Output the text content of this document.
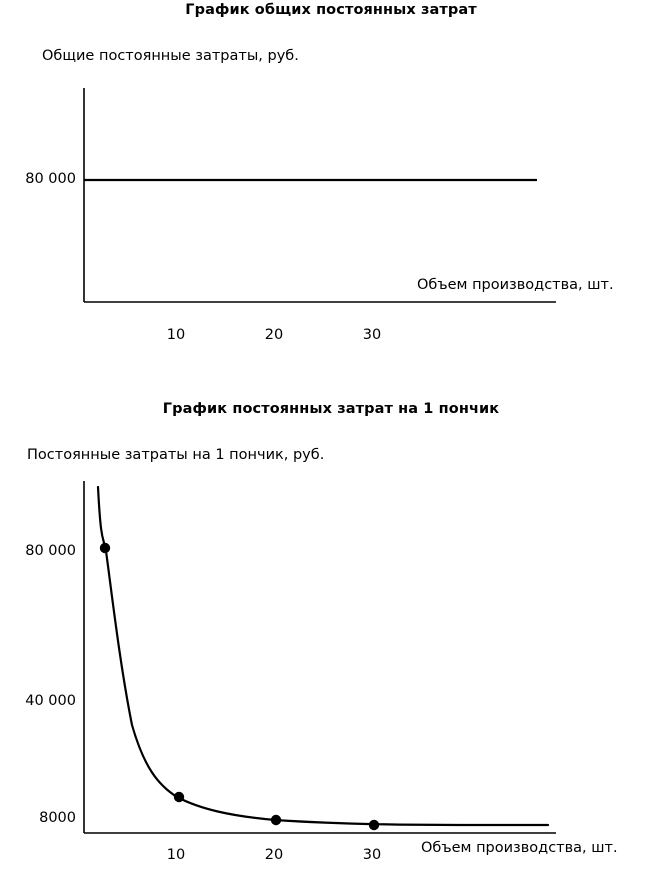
График общих постоянных затрат
Общие постоянные затраты, руб.
Объем производства, шт.
80 000
10	20	30
График постоянных затрат на 1 пончик
Постоянные затраты на 1 пончик, руб.
Объем производства, шт.
80 000
40 000
8000
10	20	30
